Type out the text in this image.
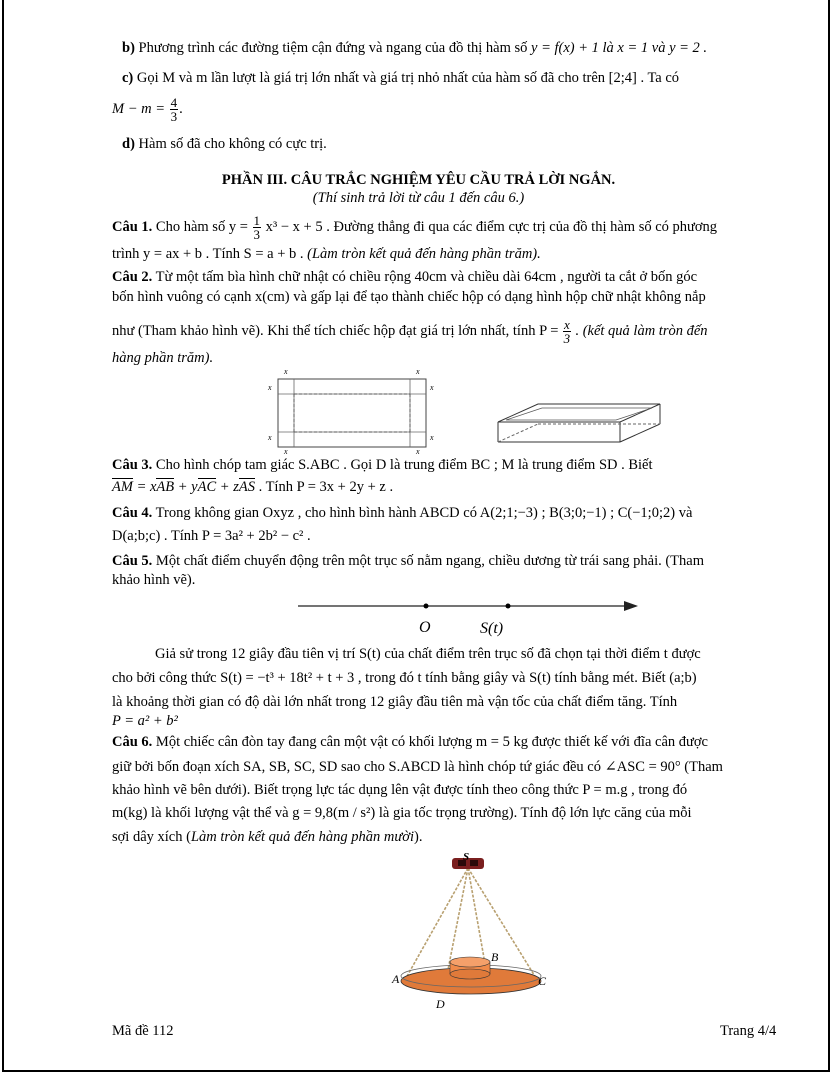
b) Phương trình các đường tiệm cận đứng và ngang của đồ thị hàm số y = f(x) + 1 là x = 1 và y = 2 .
c) Gọi M và m lần lượt là giá trị lớn nhất và giá trị nhỏ nhất của hàm số đã cho trên [2;4] . Ta có
$M - m = \frac{4}{3}$ .
d) Hàm số đã cho không có cực trị.
PHẦN III. CÂU TRẮC NGHIỆM YÊU CẦU TRẢ LỜI NGẮN.
(Thí sinh trả lời từ câu 1 đến câu 6.)
Câu 1. Cho hàm số $y = \frac{1}{3} x^3 - x + 5$ . Đường thẳng đi qua các điểm cực trị của đồ thị hàm số có phương
trình y = ax + b . Tính S = a + b . (Làm tròn kết quả đến hàng phần trăm).
Câu 2. Từ một tấm bìa hình chữ nhật có chiều rộng 40cm và chiều dài 64cm , người ta cắt ở bốn góc
bốn hình vuông có cạnh x(cm) và gấp lại để tạo thành chiếc hộp có dạng hình hộp chữ nhật không nắp
như (Tham khảo hình vẽ). Khi thể tích chiếc hộp đạt giá trị lớn nhất, tính $P = \frac{x}{3}$ . (kết quả làm tròn đến
hàng phần trăm).
x	x
x	x
x	x
x	x
Câu 3. Cho hình chóp tam giác S.ABC . Gọi D là trung điểm BC ; M là trung điểm SD . Biết
AM = xAB + yAC + zAS . Tính P = 3x + 2y + z .
Câu 4. Trong không gian Oxyz , cho hình bình hành ABCD có A(2;1;−3) ; B(3;0;−1) ; C(−1;0;2) và
D(a;b;c) . Tính P = 3a² + 2b² − c² .
Câu 5. Một chất điểm chuyển động trên một trục số nằm ngang, chiều dương từ trái sang phải. (Tham
khảo hình vẽ).
O	S(t)
Giả sử trong 12 giây đầu tiên vị trí S(t) của chất điểm trên trục số đã chọn tại thời điểm t được
cho bởi công thức S(t) = −t³ + 18t² + t + 3 , trong đó t tính bằng giây và S(t) tính bằng mét. Biết (a;b)
là khoảng thời gian có độ dài lớn nhất trong 12 giây đầu tiên mà vận tốc của chất điểm tăng. Tính
P = a² + b²
Câu 6. Một chiếc cân đòn tay đang cân một vật có khối lượng m = 5 kg được thiết kế với đĩa cân được
giữ bởi bốn đoạn xích SA, SB, SC, SD sao cho S.ABCD là hình chóp tứ giác đều có ∠ASC = 90° (Tham
khảo hình vẽ bên dưới). Biết trọng lực tác dụng lên vật được tính theo công thức P = m.g , trong đó
m(kg) là khối lượng vật thể và g = 9,8(m / s²) là gia tốc trọng trường). Tính độ lớn lực căng của mỗi
sợi dây xích (Làm tròn kết quả đến hàng phần mười).
S
A
B
C
D
Mã đề 112	Trang 4/4
